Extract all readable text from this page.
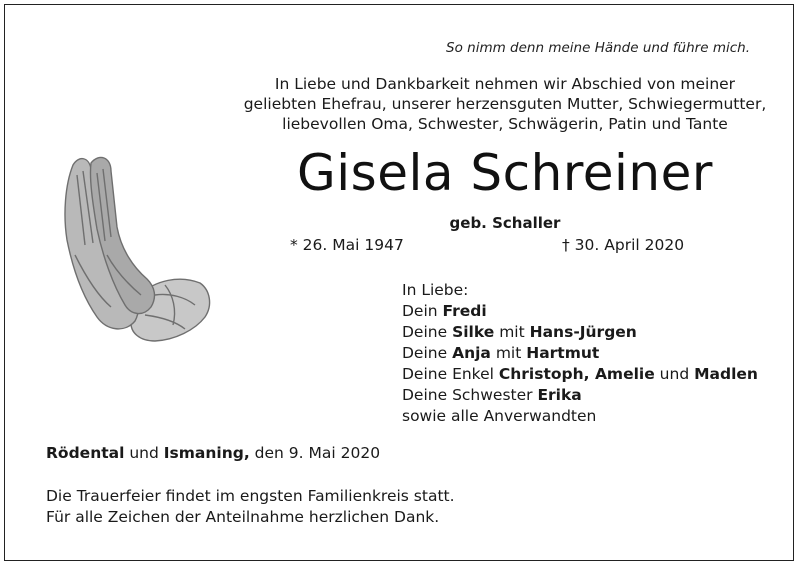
So nimm denn meine Hände und führe mich.
In Liebe und Dankbarkeit nehmen wir Abschied von meiner
geliebten Ehefrau, unserer herzensguten Mutter, Schwiegermutter,
liebevollen Oma, Schwester, Schwägerin, Patin und Tante
Gisela Schreiner
geb. Schaller
* 26. Mai 1947	† 30. April 2020
In Liebe:
Dein Fredi
Deine Silke mit Hans-Jürgen
Deine Anja mit Hartmut
Deine Enkel Christoph, Amelie und Madlen
Deine Schwester Erika
sowie alle Anverwandten
Rödental und Ismaning, den 9. Mai 2020
Die Trauerfeier findet im engsten Familienkreis statt.
Für alle Zeichen der Anteilnahme herzlichen Dank.
